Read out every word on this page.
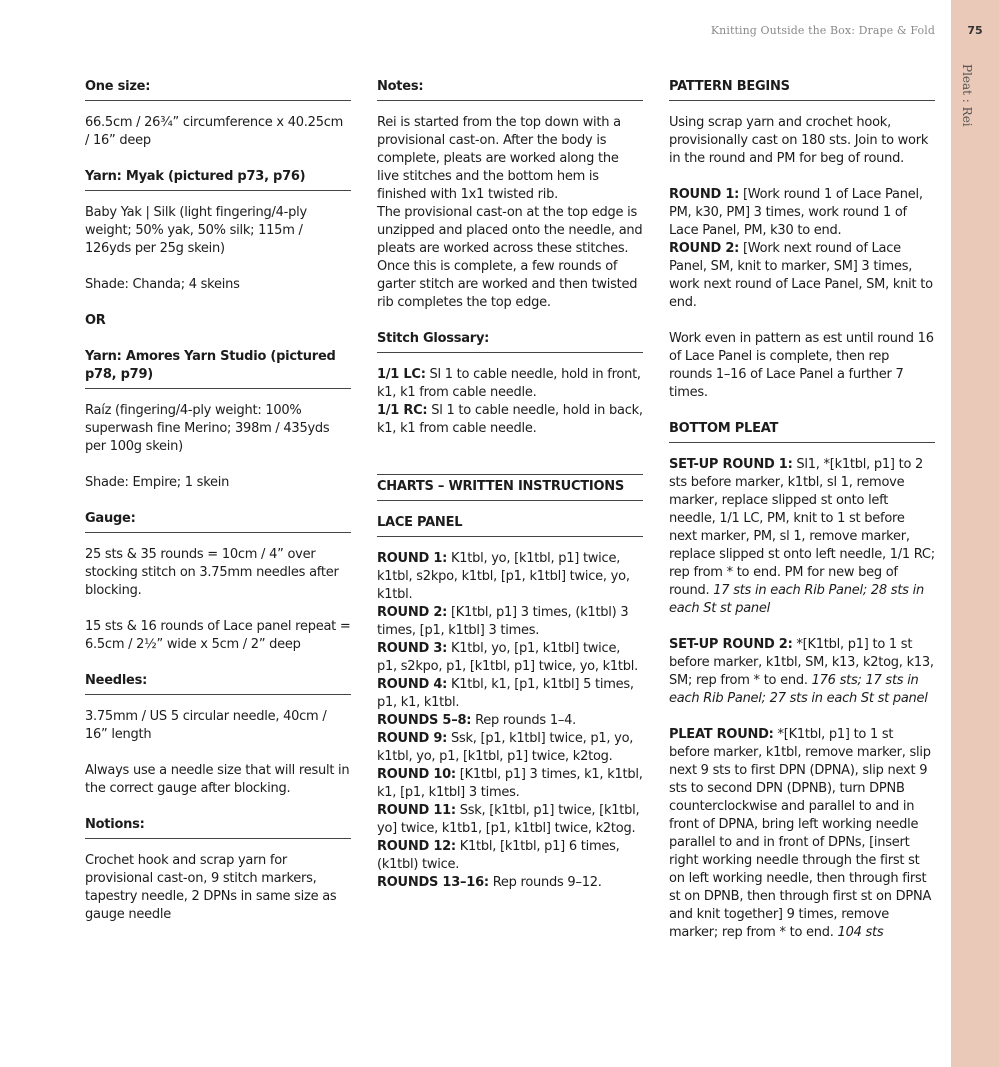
Knitting Outside the Box: Drape & Fold	75
Pleat : Rei
One size:

66.5cm / 26¾” circumference x 40.25cm / 16” deep

Yarn: Myak (pictured p73, p76)

Baby Yak | Silk (light fingering/4-ply weight; 50% yak, 50% silk; 115m / 126yds per 25g skein)

Shade: Chanda; 4 skeins

OR

Yarn: Amores Yarn Studio (pictured p78, p79)

Raíz (fingering/4-ply weight: 100% superwash fine Merino; 398m / 435yds per 100g skein)

Shade: Empire; 1 skein

Gauge:

25 sts & 35 rounds = 10cm / 4” over stocking stitch on 3.75mm needles after blocking.

15 sts & 16 rounds of Lace panel repeat = 6.5cm / 2½” wide x 5cm / 2” deep

Needles:

3.75mm / US 5 circular needle, 40cm / 16” length

Always use a needle size that will result in the correct gauge after blocking.

Notions:

Crochet hook and scrap yarn for provisional cast-on, 9 stitch markers, tapestry needle, 2 DPNs in same size as gauge needle

Notes:
Rei is started from the top down with a provisional cast-on. After the body is complete, pleats are worked along the live stitches and the bottom hem is finished with 1x1 twisted rib.

The provisional cast-on at the top edge is unzipped and placed onto the needle, and pleats are worked across these stitches. Once this is complete, a few rounds of garter stitch are worked and then twisted rib completes the top edge.

Stitch Glossary:
1/1 LC: Sl 1 to cable needle, hold in front, k1, k1 from cable needle.

1/1 RC: Sl 1 to cable needle, hold in back, k1, k1 from cable needle.

CHARTS – WRITTEN INSTRUCTIONS
LACE PANEL
ROUND 1: K1tbl, yo, [k1tbl, p1] twice, k1tbl, s2kpo, k1tbl, [p1, k1tbl] twice, yo, k1tbl.
ROUND 2: [K1tbl, p1] 3 times, (k1tbl) 3 times, [p1, k1tbl] 3 times.
ROUND 3: K1tbl, yo, [p1, k1tbl] twice, p1, s2kpo, p1, [k1tbl, p1] twice, yo, k1tbl.
ROUND 4: K1tbl, k1, [p1, k1tbl] 5 times, p1, k1, k1tbl.
ROUNDS 5–8: Rep rounds 1–4.
ROUND 9: Ssk, [p1, k1tbl] twice, p1, yo, k1tbl, yo, p1, [k1tbl, p1] twice, k2tog.
ROUND 10: [K1tbl, p1] 3 times, k1, k1tbl, k1, [p1, k1tbl] 3 times.
ROUND 11: Ssk, [k1tbl, p1] twice, [k1tbl, yo] twice, k1tb1, [p1, k1tbl] twice, k2tog.
ROUND 12: K1tbl, [k1tbl, p1] 6 times, (k1tbl) twice.
ROUNDS 13–16: Rep rounds 9–12.
PATTERN BEGINS

Using scrap yarn and crochet hook, provisionally cast on 180 sts. Join to work in the round and PM for beg of round.

ROUND 1: [Work round 1 of Lace Panel, PM, k30, PM] 3 times, work round 1 of Lace Panel, PM, k30 to end.

ROUND 2: [Work next round of Lace Panel, SM, knit to marker, SM] 3 times, work next round of Lace Panel, SM, knit to end.

Work even in pattern as est until round 16 of Lace Panel is complete, then rep rounds 1–16 of Lace Panel a further 7 times.

BOTTOM PLEAT

SET-UP ROUND 1: Sl1, *[k1tbl, p1] to 2 sts before marker, k1tbl, sl 1, remove marker, replace slipped st onto left needle, 1/1 LC, PM, knit to 1 st before next marker, PM, sl 1, remove marker, replace slipped st onto left needle, 1/1 RC; rep from * to end. PM for new beg of round. 17 sts in each Rib Panel; 28 sts in each St st panel

SET-UP ROUND 2: *[K1tbl, p1] to 1 st before marker, k1tbl, SM, k13, k2tog, k13, SM; rep from * to end. 176 sts; 17 sts in each Rib Panel; 27 sts in each St st panel

PLEAT ROUND: *[K1tbl, p1] to 1 st before marker, k1tbl, remove marker, slip next 9 sts to first DPN (DPNA), slip next 9 sts to second DPN (DPNB), turn DPNB counterclockwise and parallel to and in front of DPNA, bring left working needle parallel to and in front of DPNs, [insert right working needle through the first st on left working needle, then through first st on DPNB, then through first st on DPNA and knit together] 9 times, remove marker; rep from * to end. 104 sts
